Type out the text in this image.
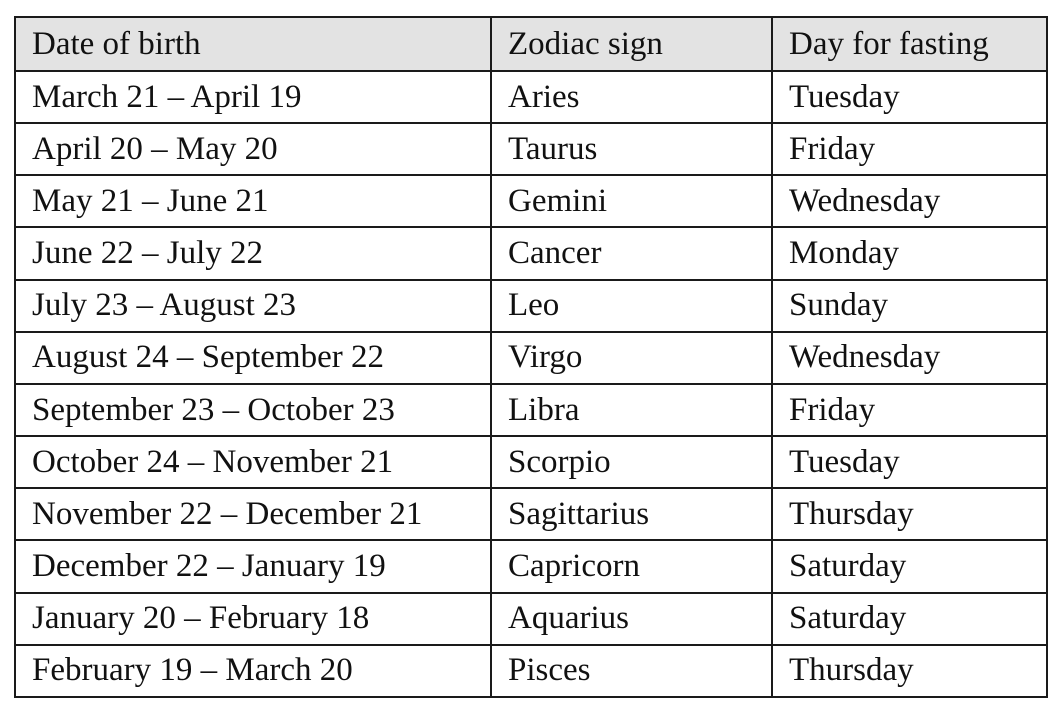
Date of birth	Zodiac sign	Day for fasting
March 21 – April 19	Aries	Tuesday
April 20 – May 20	Taurus	Friday
May 21 – June 21	Gemini	Wednesday
June 22 – July 22	Cancer	Monday
July 23 – August 23	Leo	Sunday
August 24 – September 22	Virgo	Wednesday
September 23 – October 23	Libra	Friday
October 24 – November 21	Scorpio	Tuesday
November 22 – December 21	Sagittarius	Thursday
December 22 – January 19	Capricorn	Saturday
January 20 – February 18	Aquarius	Saturday
February 19 – March 20	Pisces	Thursday
